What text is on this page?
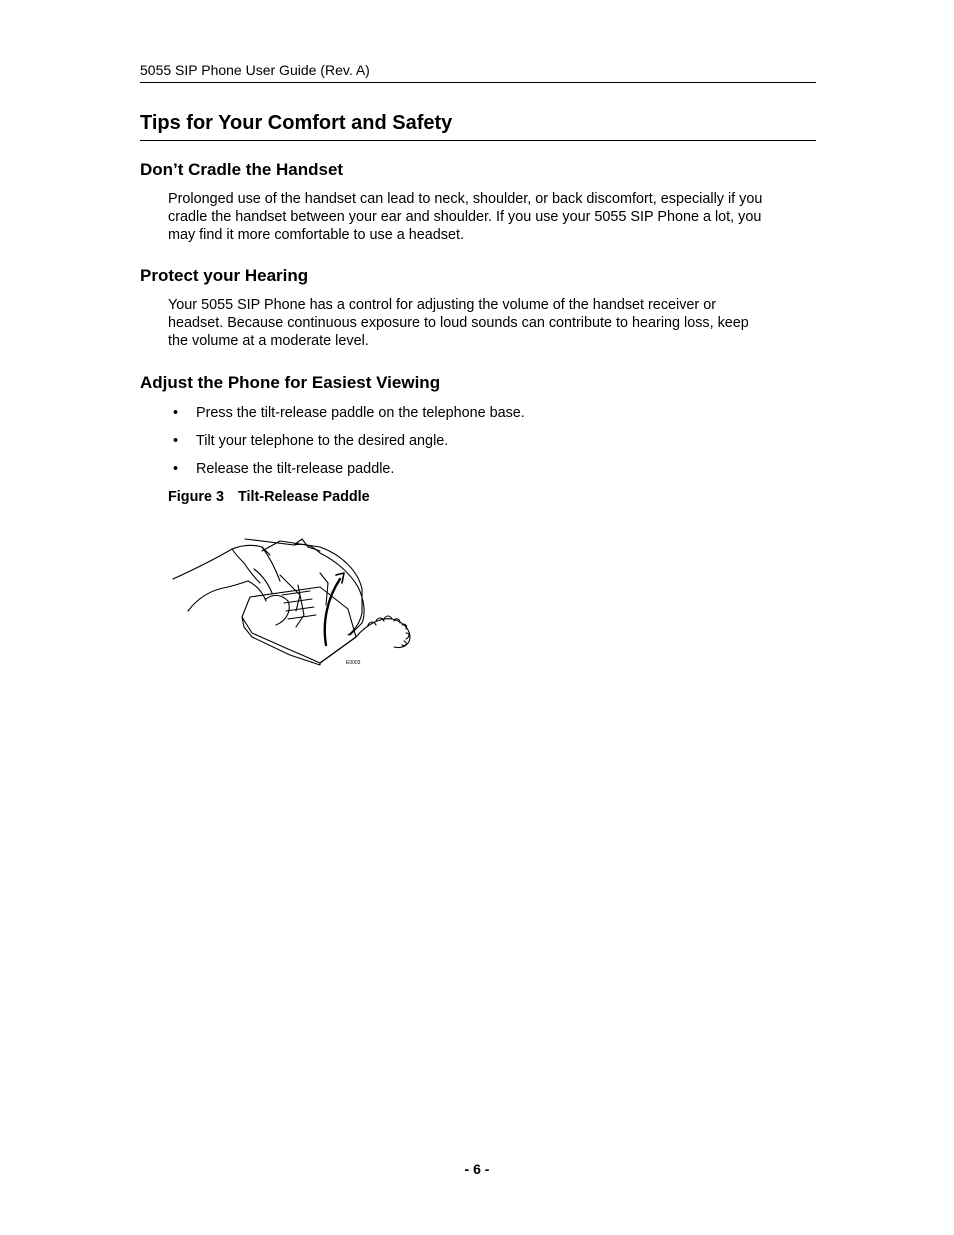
5055 SIP Phone User Guide (Rev. A)
Tips for Your Comfort and Safety
Don’t Cradle the Handset
Prolonged use of the handset can lead to neck, shoulder, or back discomfort, especially if you
cradle the handset between your ear and shoulder. If you use your 5055 SIP Phone a lot, you
may find it more comfortable to use a headset.
Protect your Hearing
Your 5055 SIP Phone has a control for adjusting the volume of the handset receiver or
headset. Because continuous exposure to loud sounds can contribute to hearing loss, keep
the volume at a moderate level.
Adjust the Phone for Easiest Viewing
• Press the tilt-release paddle on the telephone base.
• Tilt your telephone to the desired angle.
• Release the tilt-release paddle.
Figure 3 Tilt-Release Paddle
E0003
- 6 -
